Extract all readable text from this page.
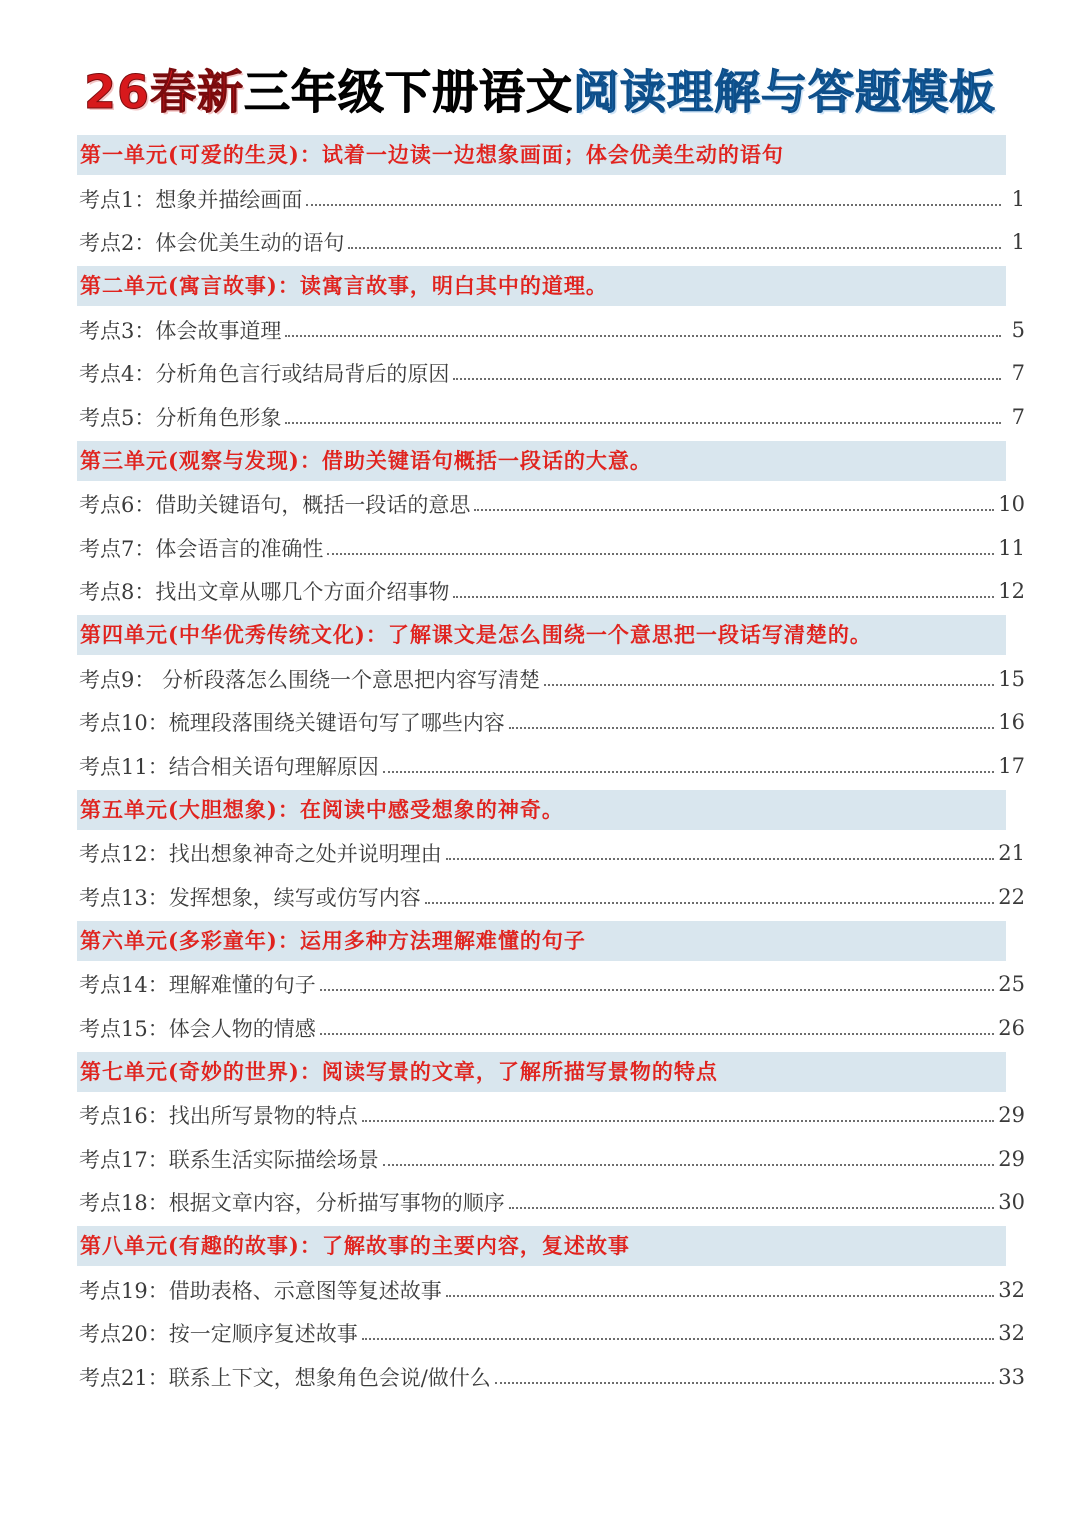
26春新三年级下册语文阅读理解与答题模板
第一单元(可爱的生灵)：试着一边读一边想象画面；体会优美生动的语句
考点1：想象并描绘画面	1
考点2：体会优美生动的语句	1
第二单元(寓言故事)：读寓言故事，明白其中的道理。
考点3：体会故事道理	5
考点4：分析角色言行或结局背后的原因	7
考点5：分析角色形象	7
第三单元(观察与发现)：借助关键语句概括一段话的大意。
考点6：借助关键语句，概括一段话的意思	10
考点7：体会语言的准确性	11
考点8：找出文章从哪几个方面介绍事物	12
第四单元(中华优秀传统文化)：了解课文是怎么围绕一个意思把一段话写清楚的。
考点9： 分析段落怎么围绕一个意思把内容写清楚	15
考点10：梳理段落围绕关键语句写了哪些内容	16
考点11：结合相关语句理解原因	17
第五单元(大胆想象)：在阅读中感受想象的神奇。
考点12：找出想象神奇之处并说明理由	21
考点13：发挥想象，续写或仿写内容	22
第六单元(多彩童年)：运用多种方法理解难懂的句子
考点14：理解难懂的句子	25
考点15：体会人物的情感	26
第七单元(奇妙的世界)：阅读写景的文章，了解所描写景物的特点
考点16：找出所写景物的特点	29
考点17：联系生活实际描绘场景	29
考点18：根据文章内容，分析描写事物的顺序	30
第八单元(有趣的故事)：了解故事的主要内容，复述故事
考点19：借助表格、示意图等复述故事	32
考点20：按一定顺序复述故事	32
考点21：联系上下文，想象角色会说/做什么	33
